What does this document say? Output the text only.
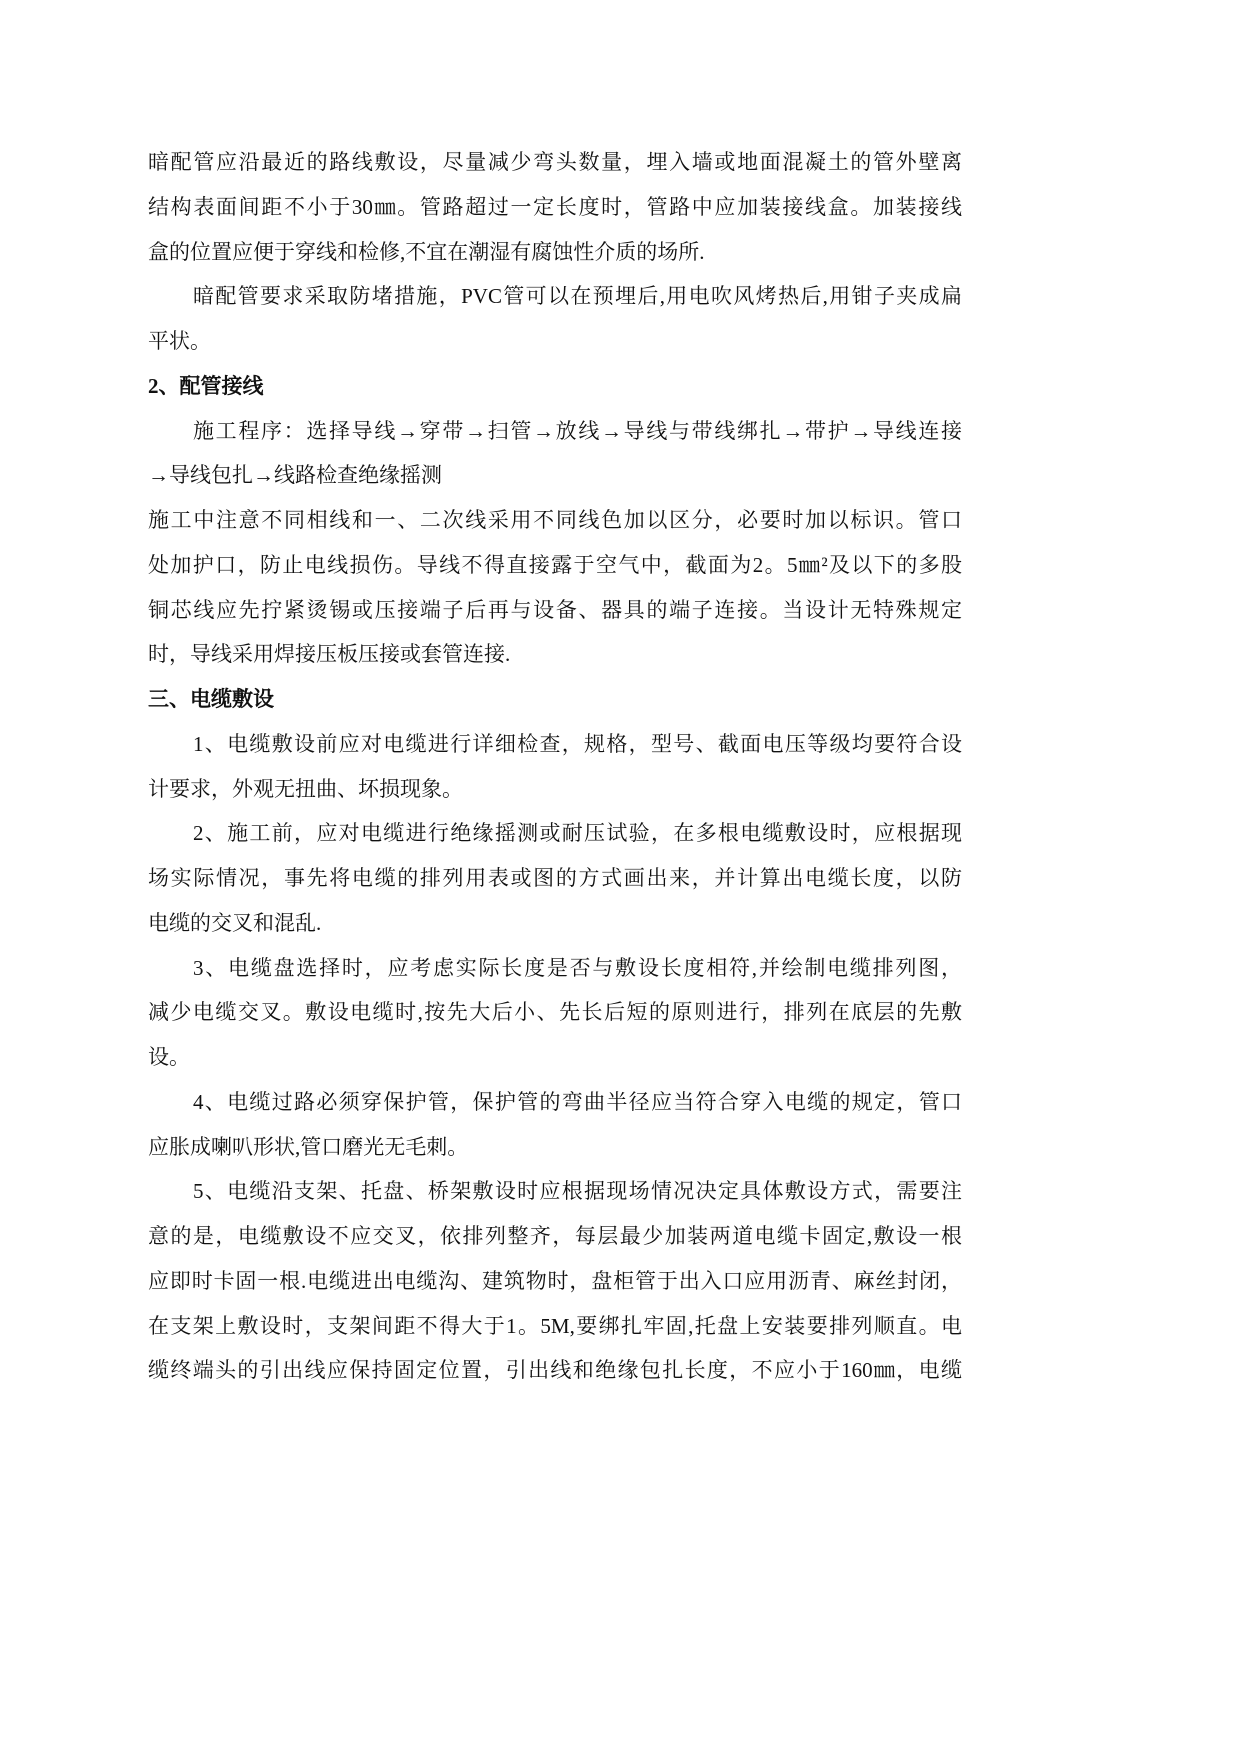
暗配管应沿最近的路线敷设，尽量减少弯头数量，埋入墙或地面混凝土的管外壁离
结构表面间距不小于30㎜。管路超过一定长度时，管路中应加装接线盒。加装接线
盒的位置应便于穿线和检修,不宜在潮湿有腐蚀性介质的场所.
暗配管要求采取防堵措施，PVC管可以在预埋后,用电吹风烤热后,用钳子夹成扁
平状。
2、配管接线
施工程序：选择导线→穿带→扫管→放线→导线与带线绑扎→带护→导线连接
→导线包扎→线路检查绝缘摇测
施工中注意不同相线和一、二次线采用不同线色加以区分，必要时加以标识。管口
处加护口，防止电线损伤。导线不得直接露于空气中，截面为2。5㎜²及以下的多股
铜芯线应先拧紧烫锡或压接端子后再与设备、器具的端子连接。当设计无特殊规定
时，导线采用焊接压板压接或套管连接.
三、电缆敷设
1、电缆敷设前应对电缆进行详细检查，规格，型号、截面电压等级均要符合设
计要求，外观无扭曲、坏损现象。
2、施工前，应对电缆进行绝缘摇测或耐压试验，在多根电缆敷设时，应根据现
场实际情况，事先将电缆的排列用表或图的方式画出来，并计算出电缆长度，以防
电缆的交叉和混乱.
3、电缆盘选择时，应考虑实际长度是否与敷设长度相符,并绘制电缆排列图，
减少电缆交叉。敷设电缆时,按先大后小、先长后短的原则进行，排列在底层的先敷
设。
4、电缆过路必须穿保护管，保护管的弯曲半径应当符合穿入电缆的规定，管口
应胀成喇叭形状,管口磨光无毛刺。
5、电缆沿支架、托盘、桥架敷设时应根据现场情况决定具体敷设方式，需要注
意的是，电缆敷设不应交叉，依排列整齐，每层最少加装两道电缆卡固定,敷设一根
应即时卡固一根.电缆进出电缆沟、建筑物时，盘柜管于出入口应用沥青、麻丝封闭，
在支架上敷设时，支架间距不得大于1。5M,要绑扎牢固,托盘上安装要排列顺直。电
缆终端头的引出线应保持固定位置，引出线和绝缘包扎长度，不应小于160㎜，电缆
